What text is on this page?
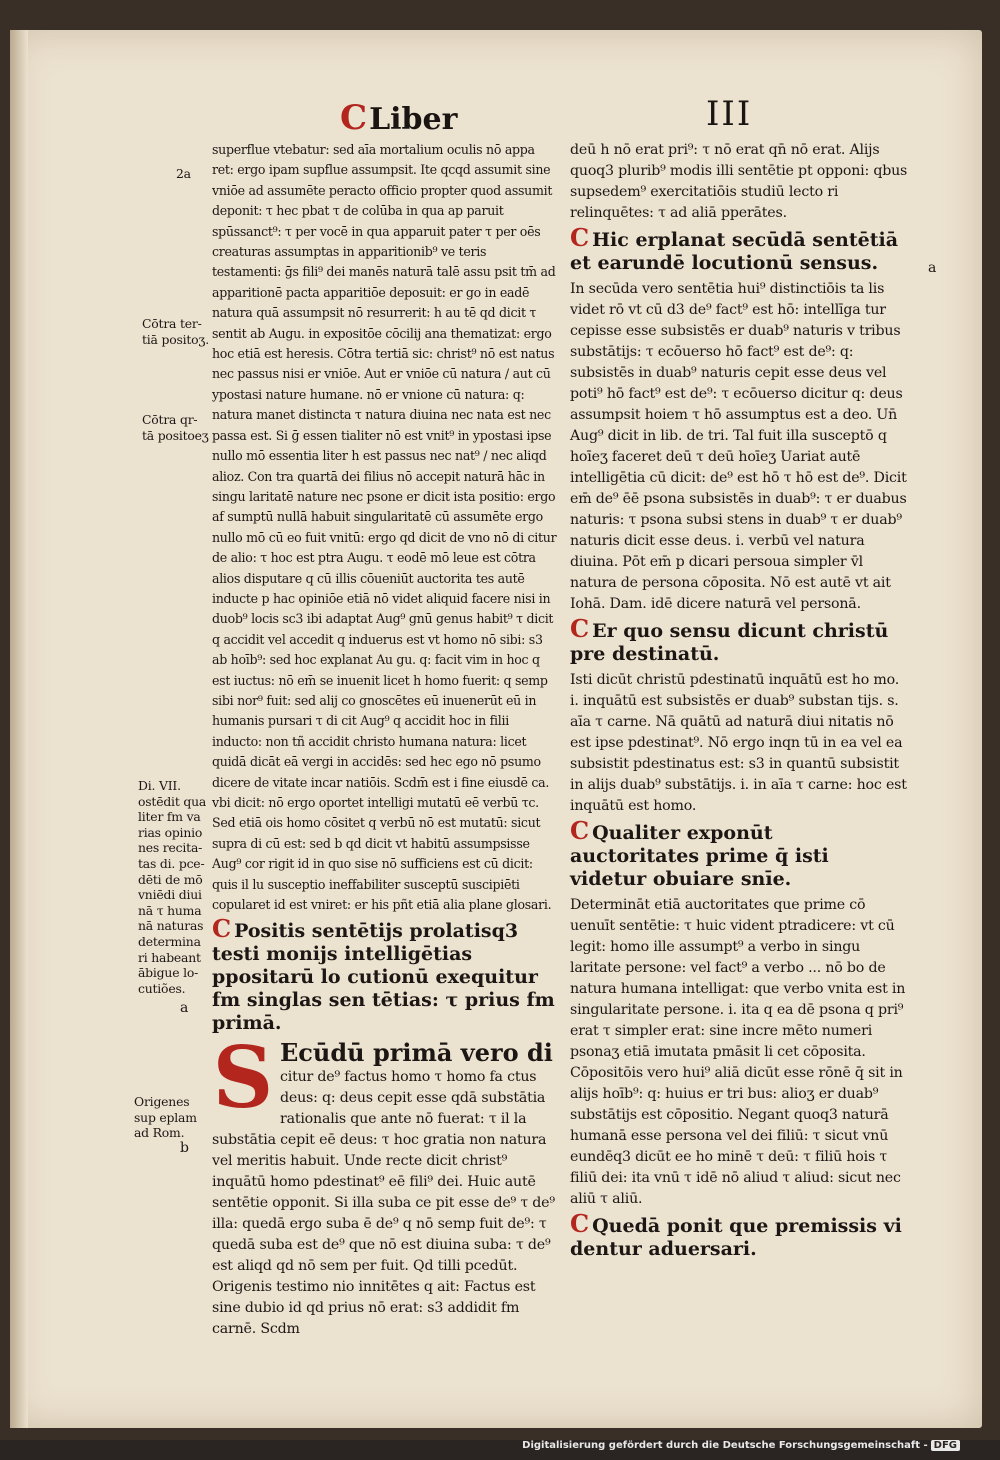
CLiber	III
2a
Cōtra ter-
tiā positoʒ.
Cōtra qr-
tā positoeʒ
Di. VII.
ostēdit qua
liter fm va
rias opinio
nes recita-
tas di. pce-
dēti de mō
vniēdi diui
nā τ huma
nā naturas
determina
ri habeant
ābigue lo-
cutiões.
a
Origenes
sup eplam
ad Rom.
b
a

superflue vtebatur: sed aīa mortalium oculis nō appa ret: ergo ipam supflue assumpsit. Ite qcqd assumit sine vniōe ad assumēte peracto officio propter quod assumit deponit: τ hec pbat τ de colūba in qua ap paruit spūssanct⁹: τ per vocē in qua apparuit pater τ per oēs creaturas assumptas in apparitionib⁹ ve teris testamenti: ḡs fili⁹ dei manēs naturā talē assu psit tm̄ ad apparitionē pacta apparitiōe deposuit: er go in eadē natura quā assumpsit nō resurrerit: h au tē qd dicit τ sentit ab Augu. in expositōe cōcilij ana thematizat: ergo hoc etiā est heresis. Cōtra tertiā sic: christ⁹ nō est natus nec passus nisi er vniōe. Aut er vniōe cū natura / aut cū ypostasi nature humane. nō er vnione cū natura: q: natura manet distincta τ natura diuina nec nata est nec passa est. Si ḡ essen tialiter nō est vnit⁹ in ypostasi ipse nullo mō essentia liter h est passus nec nat⁹ / nec aliqd alioz. Con tra quartā dei filius nō accepit naturā hāc in singu laritatē nature nec psone er dicit ista positio: ergo af sumptū nullā habuit singularitatē cū assumēte ergo nullo mō cū eo fuit vnitū: ergo qd dicit de vno nō di citur de alio: τ hoc est ptra Augu. τ eodē mō leue est cōtra alios disputare q cū illis cōueniūt auctorita tes autē inducte p hac opiniōe etiā nō videt aliquid facere nisi in duob⁹ locis sc3 ibi adaptat Aug⁹ gnū genus habit⁹ τ dicit q accidit vel accedit q induerus est vt homo nō sibi: s3 ab hoīb⁹: sed hoc explanat Au gu. q: facit vim in hoc q est iuctus: nō em̄ se inuenit licet h homo fuerit: q semp sibi nor⁹ fuit: sed alij co gnoscētes eū inuenerūt eū in humanis pursari τ di cit Aug⁹ q accidit hoc in filii inducto: non tñ accidit christo humana natura: licet quidā dicāt eā vergi in accidēs: sed hec ego nō psumo dicere de vitate incar natiōis. Scdm̄ est i fine eiusdē ca. vbi dicit: nō ergo oportet intelligi mutatū eē verbū τc. Sed etiā ois homo cōsitet q verbū nō est mutatū: sicut supra di cū est: sed b qd dicit vt habitū assumpsisse Aug⁹ cor rigit id in quo sise nō sufficiens est cū dicit: quis il lu susceptio ineffabiliter susceptū suscipiēti copularet id est vniret: er his pñt etiā alia plane glosari.

C Positis sentētijs prolatisq3 testi monijs intelligētias ppositarū lo cutionū exequitur fm singlas sen tētias: τ prius fm primā.
S Ecūdū primā vero di

citur de⁹ factus homo τ homo fa ctus deus: q: deus cepit esse qdā substātia rationalis que ante nō fuerat: τ il la substātia cepit eē deus: τ hoc gratia non natura vel meritis habuit. Unde recte dicit christ⁹ inquātū homo pdestinat⁹ eē fili⁹ dei. Huic autē sentētie opponit. Si illa suba ce pit esse de⁹ τ de⁹ illa: quedā ergo suba ē de⁹ q nō semp fuit de⁹: τ quedā suba est de⁹ que nō est diuina suba: τ de⁹ est aliqd qd nō sem per fuit. Qd tilli pcedūt. Origenis testimo nio innitētes q ait: Factus est sine dubio id qd prius nō erat: s3 addidit fm carnē. Scdm

deū h nō erat pri⁹: τ nō erat qn̄ nō erat. Alijs quoq3 plurib⁹ modis illi sentētie pt opponi: qbus supsedem⁹ exercitatiōis studiū lecto ri relinquētes: τ ad aliā pperātes.

C Hic erplanat secūdā sentētiā et earundē locutionū sensus.

In secūda vero sentētia hui⁹ distinctiōis ta lis videt rō vt cū d3 de⁹ fact⁹ est hō: intellīga tur cepisse esse subsistēs er duab⁹ naturis v tribus substātijs: τ ecōuerso hō fact⁹ est de⁹: q: subsistēs in duab⁹ naturis cepit esse deus vel poti⁹ hō fact⁹ est de⁹: τ ecōuerso dicitur q: deus assumpsit hoiem τ hō assumptus est a deo. Un̄ Aug⁹ dicit in lib. de tri. Tal fuit illa susceptō q hoīeʒ faceret deū τ deū hoīeʒ Uariat autē intelligētia cū dicit: de⁹ est hō τ hō est de⁹. Dicit em̄ de⁹ ēē psona subsistēs in duab⁹: τ er duabus naturis: τ psona subsi stens in duab⁹ τ er duab⁹ naturis dicit esse deus. i. verbū vel natura diuina. Pōt em̄ p dicari persoua simpler v̄l natura de persona cōposita. Nō est autē vt ait Iohā. Dam. idē dicere naturā vel personā.

C Er quo sensu dicunt christū pre destinatū.

Isti dicūt christū pdestinatū inquātū est ho mo. i. inquātū est subsistēs er duab⁹ substan tijs. s. aīa τ carne. Nā quātū ad naturā diui nitatis nō est ipse pdestinat⁹. Nō ergo inqn tū in ea vel ea subsistit pdestinatus est: s3 in quantū subsistit in alijs duab⁹ substātijs. i. in aīa τ carne: hoc est inquātū est homo.

C Qualiter exponūt auctoritates prime q̄ isti videtur obuiare snīe.

Determināt etiā auctoritates que prime cō uenuīt sentētie: τ huic vident ptradicere: vt cū legit: homo ille assumpt⁹ a verbo in singu laritate persone: vel fact⁹ a verbo ... nō bo de natura humana intelligat: que verbo vnita est in singularitate persone. i. ita q ea dē psona q pri⁹ erat τ simpler erat: sine incre mēto numeri psonaʒ etiā imutata pmāsit li cet cōposita. Cōpositōis vero hui⁹ aliā dicūt esse rōnē q̄ sit in alijs hoīb⁹: q: huius er tri bus: alioʒ er duab⁹ substātijs est cōpositio. Negant quoq3 naturā humanā esse persona vel dei filiū: τ sicut vnū eundēq3 dicūt ee ho minē τ deū: τ filiū hois τ filiū dei: ita vnū τ idē nō aliud τ aliud: sicut nec aliū τ aliū.

C Quedā ponit que premissis vi dentur aduersari.
Digitalisierung gefördert durch die Deutsche Forschungsgemeinschaft - DFG
